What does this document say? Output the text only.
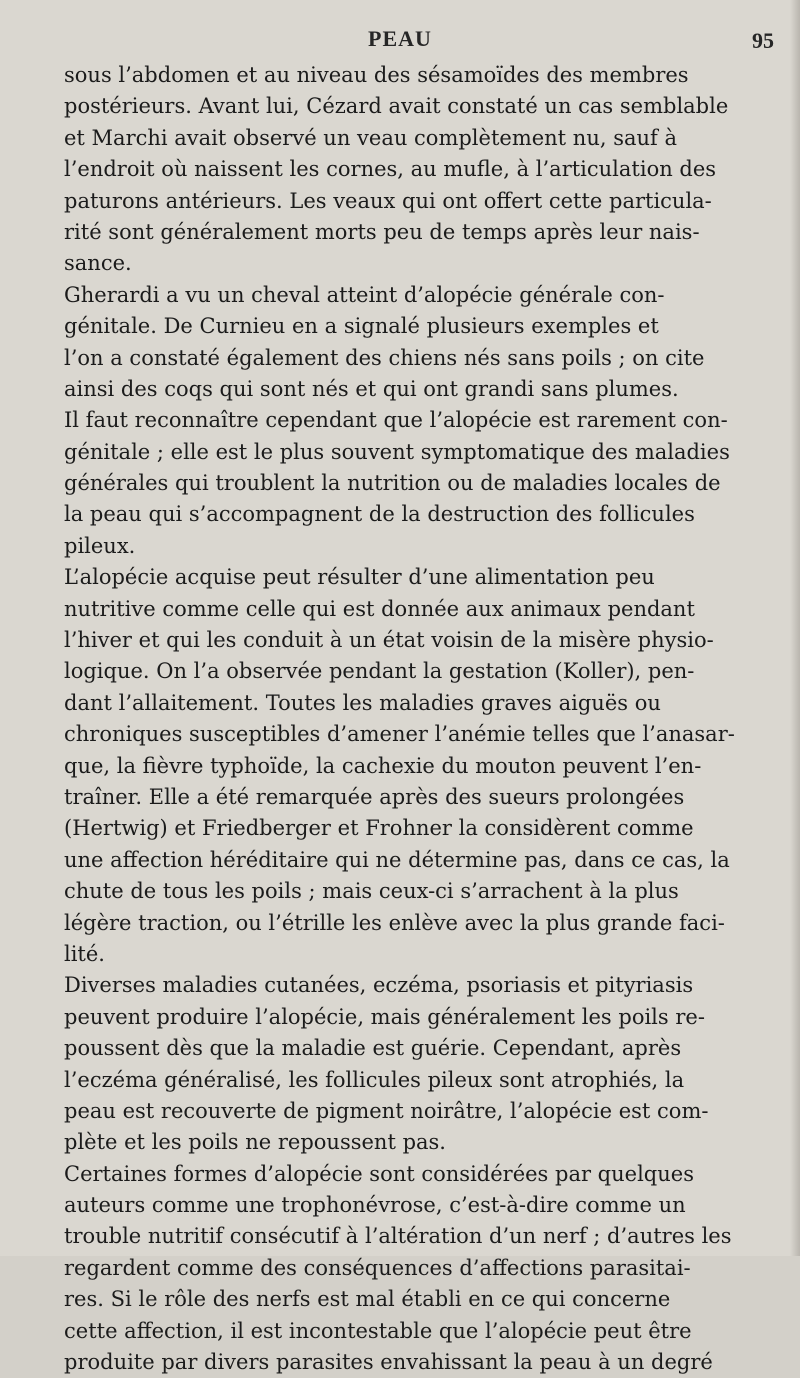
PEAU	95
sous l’abdomen et au niveau des sésamoïdes des membres
postérieurs. Avant lui, Cézard avait constaté un cas semblable
et Marchi avait observé un veau complètement nu, sauf à
l’endroit où naissent les cornes, au mufle, à l’articulation des
paturons antérieurs. Les veaux qui ont offert cette particula-
rité sont généralement morts peu de temps après leur nais-
sance.
Gherardi a vu un cheval atteint d’alopécie générale con-
génitale. De Curnieu en a signalé plusieurs exemples et
l’on a constaté également des chiens nés sans poils ; on cite
ainsi des coqs qui sont nés et qui ont grandi sans plumes.
Il faut reconnaître cependant que l’alopécie est rarement con-
génitale ; elle est le plus souvent symptomatique des maladies
générales qui troublent la nutrition ou de maladies locales de
la peau qui s’accompagnent de la destruction des follicules
pileux.
L’alopécie acquise peut résulter d’une alimentation peu
nutritive comme celle qui est donnée aux animaux pendant
l’hiver et qui les conduit à un état voisin de la misère physio-
logique. On l’a observée pendant la gestation (Koller), pen-
dant l’allaitement. Toutes les maladies graves aiguës ou
chroniques susceptibles d’amener l’anémie telles que l’anasar-
que, la fièvre typhoïde, la cachexie du mouton peuvent l’en-
traîner. Elle a été remarquée après des sueurs prolongées
(Hertwig) et Friedberger et Frohner la considèrent comme
une affection héréditaire qui ne détermine pas, dans ce cas, la
chute de tous les poils ; mais ceux-ci s’arrachent à la plus
légère traction, ou l’étrille les enlève avec la plus grande faci-
lité.
Diverses maladies cutanées, eczéma, psoriasis et pityriasis
peuvent produire l’alopécie, mais généralement les poils re-
poussent dès que la maladie est guérie. Cependant, après
l’eczéma généralisé, les follicules pileux sont atrophiés, la
peau est recouverte de pigment noirâtre, l’alopécie est com-
plète et les poils ne repoussent pas.
Certaines formes d’alopécie sont considérées par quelques
auteurs comme une trophonévrose, c’est-à-dire comme un
trouble nutritif consécutif à l’altération d’un nerf ; d’autres les
regardent comme des conséquences d’affections parasitai-
res. Si le rôle des nerfs est mal établi en ce qui concerne
cette affection, il est incontestable que l’alopécie peut être
produite par divers parasites envahissant la peau à un degré
